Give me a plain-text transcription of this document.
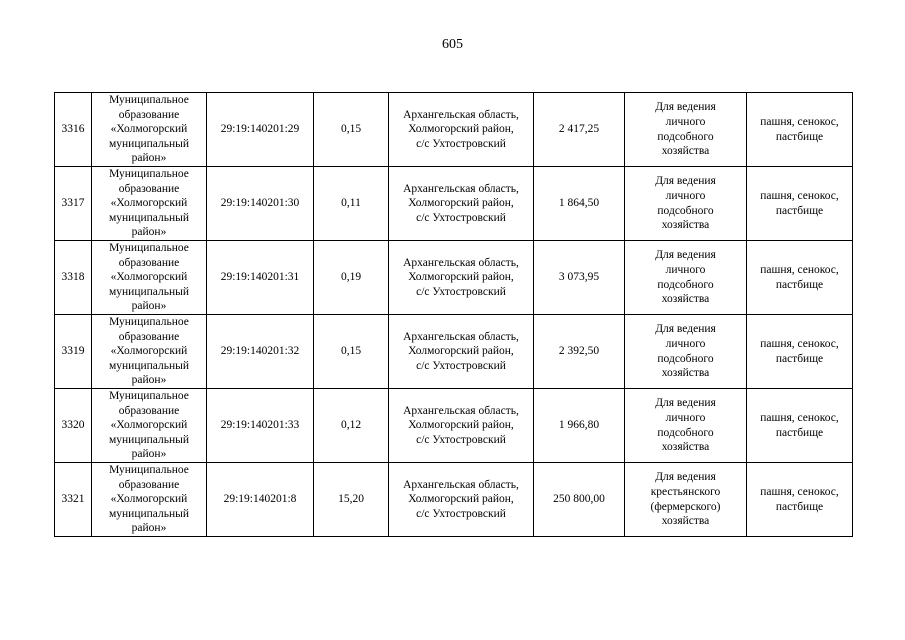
605
3316	Муниципальное
образование
«Холмогорский
муниципальный
район»	29:19:140201:29	0,15	Архангельская область,
Холмогорский район,
с/с Ухтостровский	2 417,25	Для ведения
личного
подсобного
хозяйства	пашня, сенокос,
пастбище
3317	Муниципальное
образование
«Холмогорский
муниципальный
район»	29:19:140201:30	0,11	Архангельская область,
Холмогорский район,
с/с Ухтостровский	1 864,50	Для ведения
личного
подсобного
хозяйства	пашня, сенокос,
пастбище
3318	Муниципальное
образование
«Холмогорский
муниципальный
район»	29:19:140201:31	0,19	Архангельская область,
Холмогорский район,
с/с Ухтостровский	3 073,95	Для ведения
личного
подсобного
хозяйства	пашня, сенокос,
пастбище
3319	Муниципальное
образование
«Холмогорский
муниципальный
район»	29:19:140201:32	0,15	Архангельская область,
Холмогорский район,
с/с Ухтостровский	2 392,50	Для ведения
личного
подсобного
хозяйства	пашня, сенокос,
пастбище
3320	Муниципальное
образование
«Холмогорский
муниципальный
район»	29:19:140201:33	0,12	Архангельская область,
Холмогорский район,
с/с Ухтостровский	1 966,80	Для ведения
личного
подсобного
хозяйства	пашня, сенокос,
пастбище
3321	Муниципальное
образование
«Холмогорский
муниципальный
район»	29:19:140201:8	15,20	Архангельская область,
Холмогорский район,
с/с Ухтостровский	250 800,00	Для ведения
крестьянского
(фермерского)
хозяйства	пашня, сенокос,
пастбище
